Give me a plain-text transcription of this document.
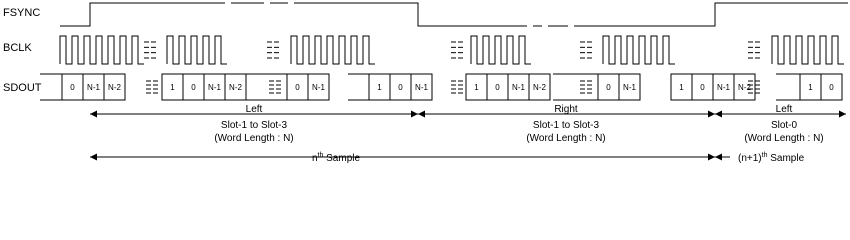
FSYNC
BCLK
SDOUT	0 N-1 N-2	1 0 N-1 N-2	0 N-1	1 0 N-1	1 0 N-1 N-2	0 N-1	1 0 N-1 N-2	1 0
Left
Slot-1 to Slot-3
(Word Length : N)
Right
Slot-1 to Slot-3
(Word Length : N)
Left
Slot-0
(Word Length : N)
$n^{th}$ Sample	$(n+1)^{th}$ Sample
